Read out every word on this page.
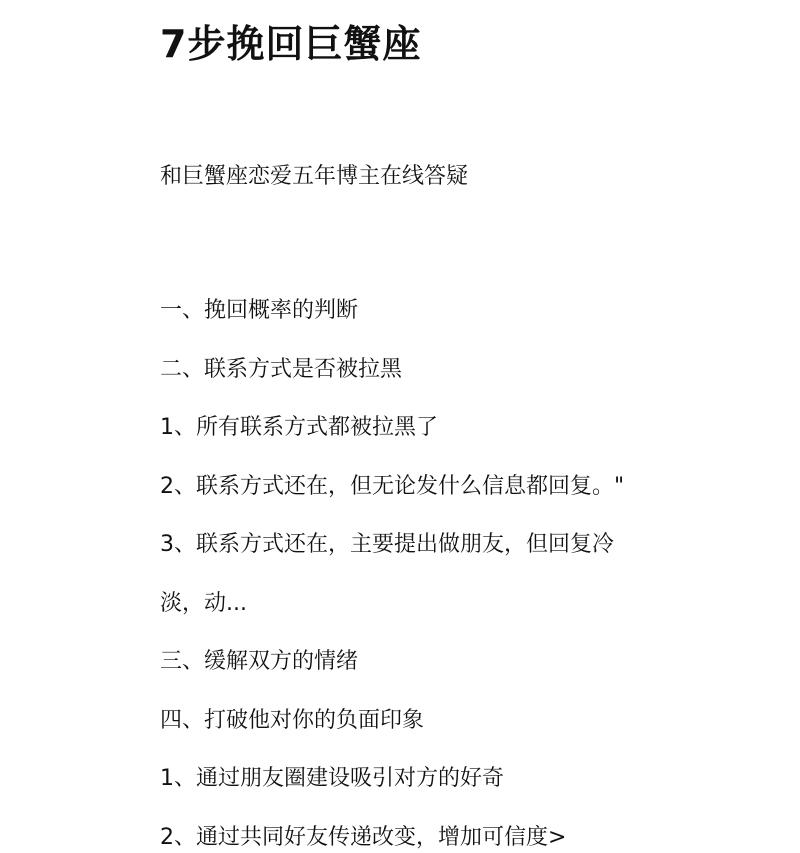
7步挽回巨蟹座

和巨蟹座恋爱五年博主在线答疑

一、挽回概率的判断
二、联系方式是否被拉黑
1、所有联系方式都被拉黑了
2、联系方式还在，但无论发什么信息都回复。"
3、联系方式还在，主要提出做朋友，但回复冷
淡，动...
三、缓解双方的情绪
四、打破他对你的负面印象
1、通过朋友圈建设吸引对方的好奇
2、通过共同好友传递改变，增加可信度>
